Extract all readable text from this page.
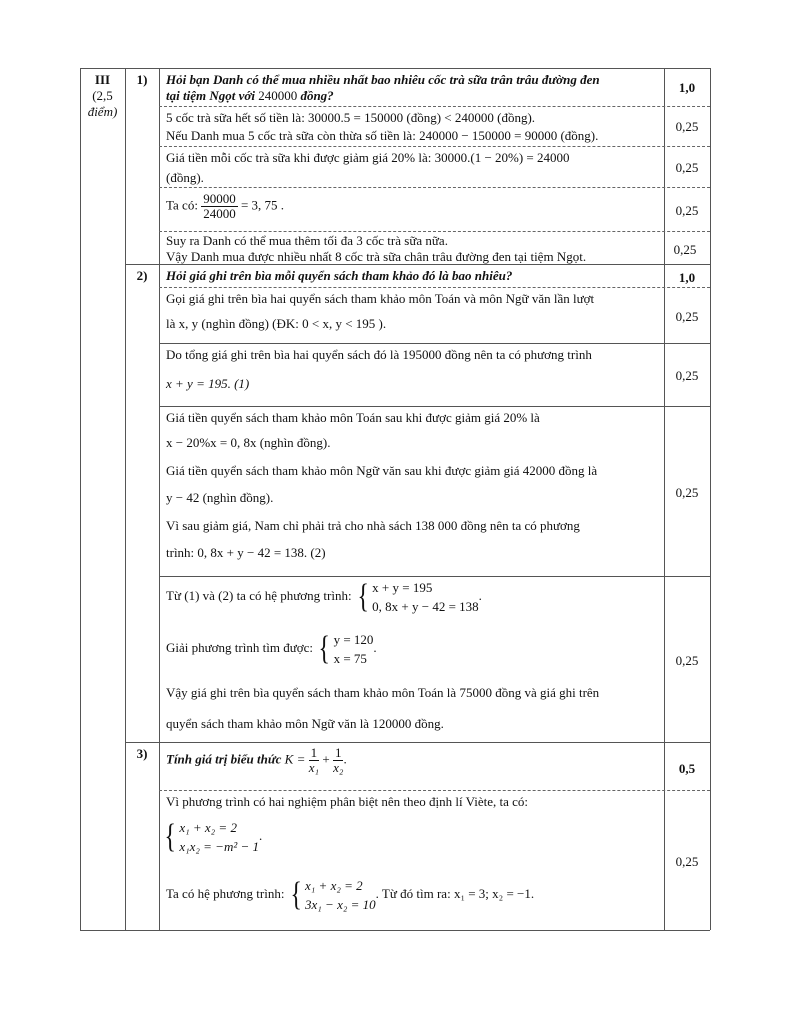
III
(2,5
điểm)
1)	Hỏi bạn Danh có thể mua nhiều nhất bao nhiêu cốc trà sữa trân trâu đường đen
tại tiệm Ngọt với 240000 đồng?
1,0
5 cốc trà sữa hết số tiền là: 30000.5 = 150000 (đồng) < 240000 (đồng).
Nếu Danh mua 5 cốc trà sữa còn thừa số tiền là: 240000 − 150000 = 90000 (đồng).
0,25
Giá tiền mỗi cốc trà sữa khi được giảm giá 20% là: 30000.(1 − 20%) = 24000
(đồng).
0,25
Ta có: $\frac{90000}{24000} = 3$, 75 .	0,25
Suy ra Danh có thể mua thêm tối đa 3 cốc trà sữa nữa.
Vậy Danh mua được nhiều nhất 8 cốc trà sữa chân trâu đường đen tại tiệm Ngọt.	0,25
2)	Hỏi giá ghi trên bìa mỗi quyển sách tham khảo đó là bao nhiêu?	1,0
Gọi giá ghi trên bìa hai quyển sách tham khảo môn Toán và môn Ngữ văn lần lượt
là x, y (nghìn đồng) (ĐK: 0 < x, y < 195 ).	0,25
Do tổng giá ghi trên bìa hai quyển sách đó là 195000 đồng nên ta có phương trình
x + y = 195. (1)
0,25
Giá tiền quyển sách tham khảo môn Toán sau khi được giảm giá 20% là
x − 20%x = 0, 8x (nghìn đồng).
Giá tiền quyển sách tham khảo môn Ngữ văn sau khi được giảm giá 42000 đồng là
y − 42 (nghìn đồng).
Vì sau giảm giá, Nam chỉ phải trả cho nhà sách 138 000 đồng nên ta có phương
trình: 0, 8x + y − 42 = 138. (2)
0,25
Từ (1) và (2) ta có hệ phương trình: { x + y = 195
0, 8x + y − 42 = 138
.
Giải phương trình tìm được: { y = 120
x = 75
.
Vậy giá ghi trên bìa quyển sách tham khảo môn Toán là 75000 đồng và giá ghi trên
quyển sách tham khảo môn Ngữ văn là 120000 đồng.
0,25
3)	Tính giá trị biểu thức $K = \frac{1}{\text{x₁}} + \frac{1}{\text{x₂}}$ .
0,5
Vì phương trình có hai nghiệm phân biệt nên theo định lí Viète, ta có:
{ x₁ + x₂ = 2
x₁x₂ = −m² − 1
.
Ta có hệ phương trình: { x₁ + x₂ = 2
3x₁ − x₂ = 10
. Từ đó tìm ra: x₁ = 3; x₂ = −1.
0,25
